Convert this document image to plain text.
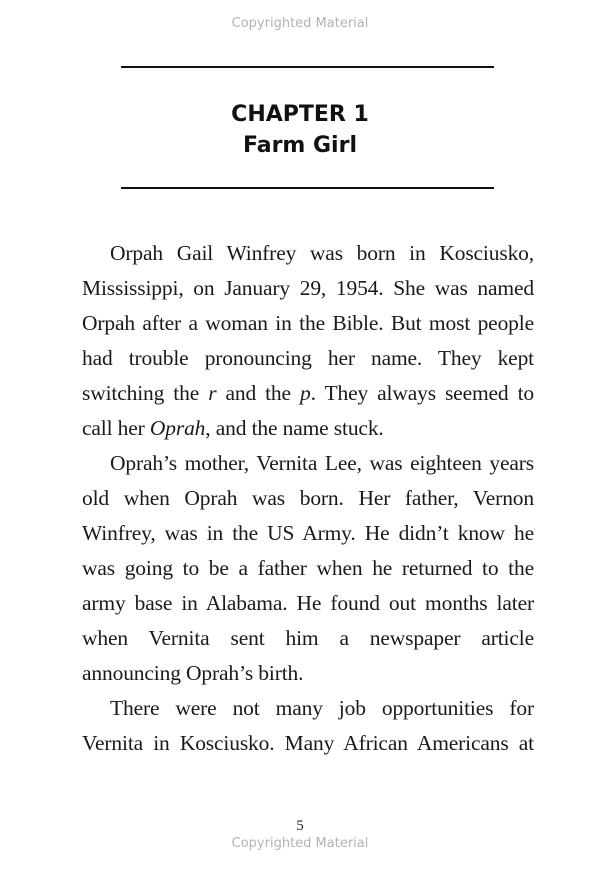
Copyrighted Material
CHAPTER 1
Farm Girl

Orpah Gail Winfrey was born in Kosciusko, Mississippi, on January 29, 1954. She was named Orpah after a woman in the Bible. But most people had trouble pronouncing her name. They kept switching the r and the p. They always seemed to call her Oprah, and the name stuck.

Oprah’s mother, Vernita Lee, was eighteen years old when Oprah was born. Her father, Vernon Winfrey, was in the US Army. He didn’t know he was going to be a father when he returned to the army base in Alabama. He found out months later when Vernita sent him a newspaper article announcing Oprah’s birth.

There were not many job opportunities for Vernita in Kosciusko. Many African Americans at

5
Copyrighted Material
